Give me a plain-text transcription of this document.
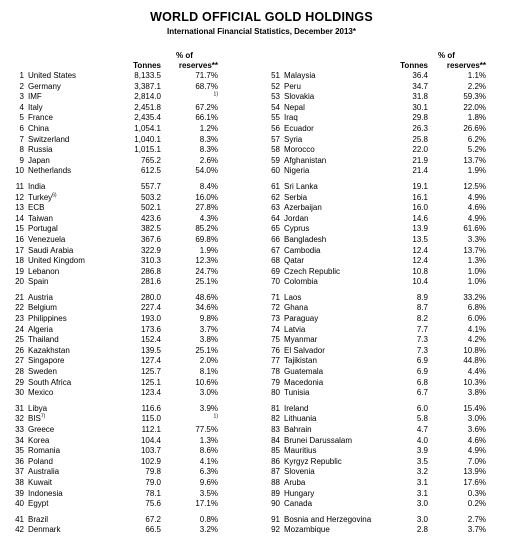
WORLD OFFICIAL GOLD HOLDINGS
International Financial Statistics, December 2013*
% of
Tonnes	reserves**
% of
Tonnes	reserves**
1 United States	8,133.5	71.7%
2 Germany	3,387.1	68.7%
3 IMF	2,814.0	$^{1)}$
4 Italy	2,451.8	67.2%
5 France	2,435.4	66.1%
6 China	1,054.1	1.2%
7 Switzerland	1,040.1	8.3%
8 Russia	1,015.1	8.3%
9 Japan	765.2	2.6%
10 Netherlands	612.5	54.0%
11 India	557.7	8.4%
12 Turkey$^{6)}$	503.2	16.0%
13 ECB	502.1	27.8%
14 Taiwan	423.6	4.3%
15 Portugal	382.5	85.2%
16 Venezuela	367.6	69.8%
17 Saudi Arabia	322.9	1.9%
18 United Kingdom	310.3	12.3%
19 Lebanon	286.8	24.7%
20 Spain	281.6	25.1%
21 Austria	280.0	48.6%
22 Belgium	227.4	34.6%
23 Philippines	193.0	9.8%
24 Algeria	173.6	3.7%
25 Thailand	152.4	3.8%
26 Kazakhstan	139.5	25.1%
27 Singapore	127.4	2.0%
28 Sweden	125.7	8.1%
29 South Africa	125.1	10.6%
30 Mexico	123.4	3.0%
31 Libya	116.6	3.9%
32 BIS$^{7)}$	115.0	$^{1)}$
33 Greece	112.1	77.5%
34 Korea	104.4	1.3%
35 Romania	103.7	8.6%
36 Poland	102.9	4.1%
37 Australia	79.8	6.3%
38 Kuwait	79.0	9.6%
39 Indonesia	78.1	3.5%
40 Egypt	75.6	17.1%
41 Brazil	67.2	0.8%
42 Denmark	66.5	3.2%
51 Malaysia	36.4	1.1%
52 Peru	34.7	2.2%
53 Slovakia	31.8	59.3%
54 Nepal	30.1	22.0%
55 Iraq	29.8	1.8%
56 Ecuador	26.3	26.6%
57 Syria	25.8	6.2%
58 Morocco	22.0	5.2%
59 Afghanistan	21.9	13.7%
60 Nigeria	21.4	1.9%
61 Sri Lanka	19.1	12.5%
62 Serbia	16.1	4.9%
63 Azerbaijan	16.0	4.6%
64 Jordan	14.6	4.9%
65 Cyprus	13.9	61.6%
66 Bangladesh	13.5	3.3%
67 Cambodia	12.4	13.7%
68 Qatar	12.4	1.3%
69 Czech Republic	10.8	1.0%
70 Colombia	10.4	1.0%
71 Laos	8.9	33.2%
72 Ghana	8.7	6.8%
73 Paraguay	8.2	6.0%
74 Latvia	7.7	4.1%
75 Myanmar	7.3	4.2%
76 El Salvador	7.3	10.8%
77 Tajikistan	6.9	44.8%
78 Guatemala	6.9	4.4%
79 Macedonia	6.8	10.3%
80 Tunisia	6.7	3.8%
81 Ireland	6.0	15.4%
82 Lithuania	5.8	3.0%
83 Bahrain	4.7	3.6%
84 Brunei Darussalam	4.0	4.6%
85 Mauritius	3.9	4.9%
86 Kyrgyz Republic	3.5	7.0%
87 Slovenia	3.2	13.9%
88 Aruba	3.1	17.6%
89 Hungary	3.1	0.3%
90 Canada	3.0	0.2%
91 Bosnia and Herzegovina	3.0	2.7%
92 Mozambique	2.8	3.7%
